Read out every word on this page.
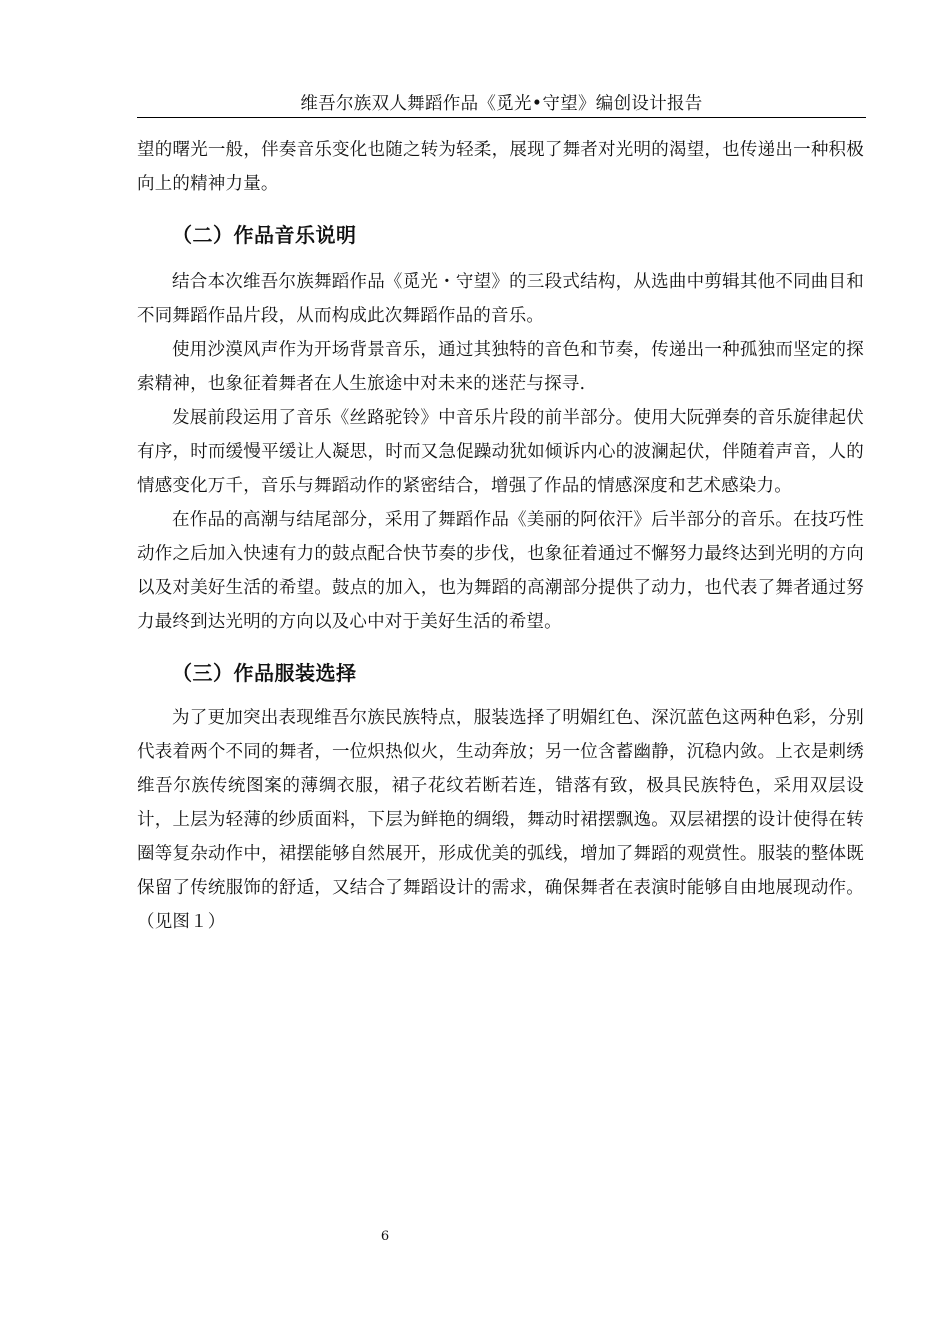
维吾尔族双人舞蹈作品《觅光•守望》编创设计报告

望的曙光一般，伴奏音乐变化也随之转为轻柔，展现了舞者对光明的渴望，也传递出一种积极向上的精神力量。

（二）作品音乐说明

结合本次维吾尔族舞蹈作品《觅光・守望》的三段式结构，从选曲中剪辑其他不同曲目和不同舞蹈作品片段，从而构成此次舞蹈作品的音乐。

使用沙漠风声作为开场背景音乐，通过其独特的音色和节奏，传递出一种孤独而坚定的探索精神，也象征着舞者在人生旅途中对未来的迷茫与探寻.

发展前段运用了音乐《丝路驼铃》中音乐片段的前半部分。使用大阮弹奏的音乐旋律起伏有序，时而缓慢平缓让人凝思，时而又急促躁动犹如倾诉内心的波澜起伏，伴随着声音，人的情感变化万千，音乐与舞蹈动作的紧密结合，增强了作品的情感深度和艺术感染力。

在作品的高潮与结尾部分，采用了舞蹈作品《美丽的阿依汗》后半部分的音乐。在技巧性动作之后加入快速有力的鼓点配合快节奏的步伐，也象征着通过不懈努力最终达到光明的方向以及对美好生活的希望。鼓点的加入，也为舞蹈的高潮部分提供了动力，也代表了舞者通过努力最终到达光明的方向以及心中对于美好生活的希望。

（三）作品服装选择

为了更加突出表现维吾尔族民族特点，服装选择了明媚红色、深沉蓝色这两种色彩，分别代表着两个不同的舞者，一位炽热似火，生动奔放；另一位含蓄幽静，沉稳内敛。上衣是刺绣维吾尔族传统图案的薄绸衣服，裙子花纹若断若连，错落有致，极具民族特色，采用双层设计，上层为轻薄的纱质面料，下层为鲜艳的绸缎，舞动时裙摆飘逸。双层裙摆的设计使得在转圈等复杂动作中，裙摆能够自然展开，形成优美的弧线，增加了舞蹈的观赏性。服装的整体既保留了传统服饰的舒适，又结合了舞蹈设计的需求，确保舞者在表演时能够自由地展现动作。（见图１）

6
